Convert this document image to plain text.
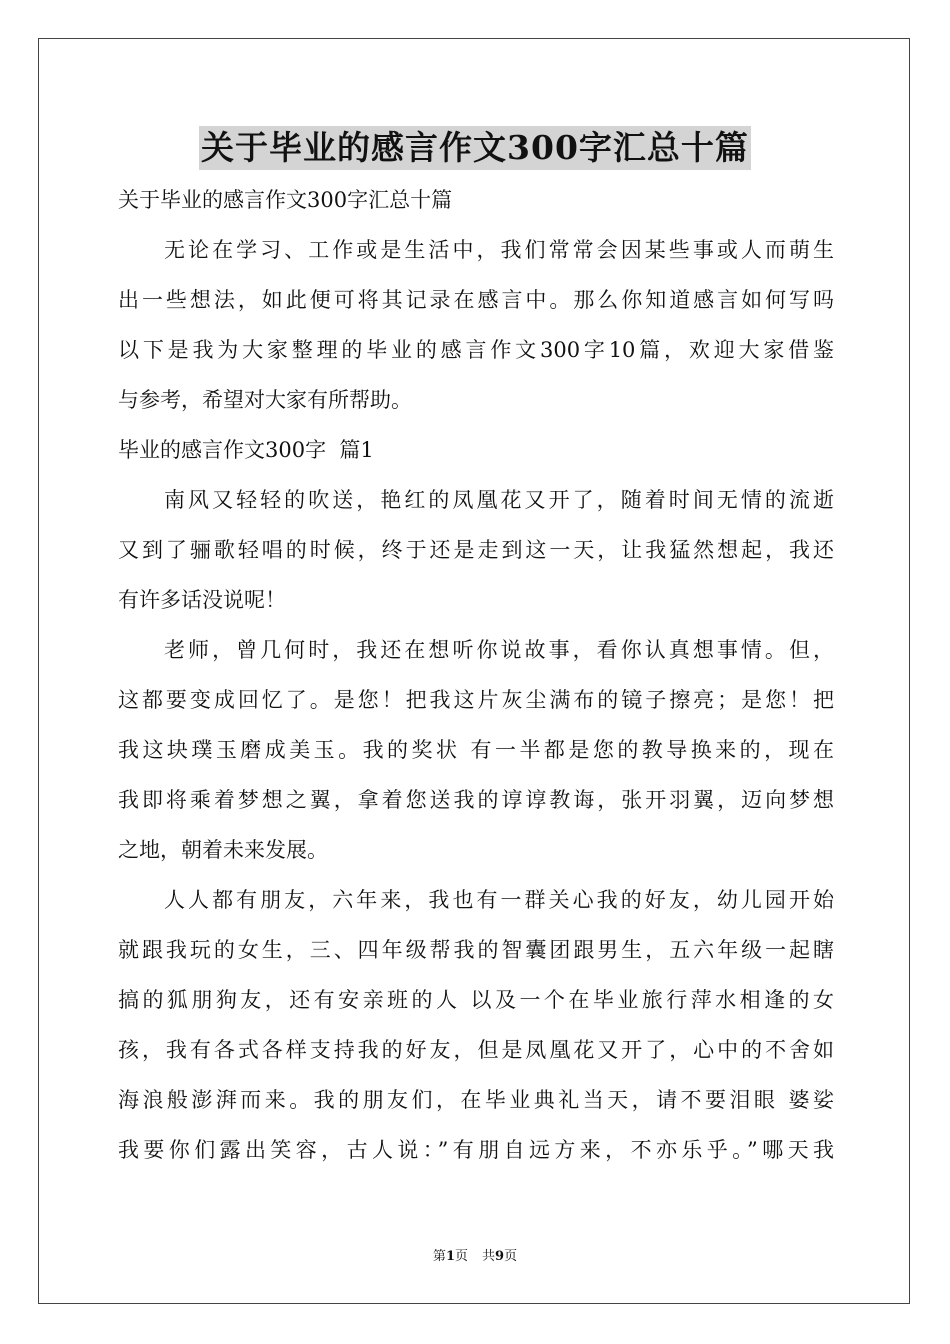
关于毕业的感言作文300字汇总十篇

关于毕业的感言作文300字汇总十篇

无论在学习、工作或是生活中，我们常常会因某些事或人而萌生

出一些想法，如此便可将其记录在感言中。那么你知道感言如何写吗

以下是我为大家整理的毕业的感言作文300字10篇，欢迎大家借鉴

与参考，希望对大家有所帮助。

毕业的感言作文300字  篇1

南风又轻轻的吹送，艳红的凤凰花又开了，随着时间无情的流逝

又到了骊歌轻唱的时候，终于还是走到这一天，让我猛然想起，我还

有许多话没说呢！

老师，曾几何时，我还在想听你说故事，看你认真想事情。但，

这都要变成回忆了。是您！把我这片灰尘满布的镜子擦亮；是您！把

我这块璞玉磨成美玉。我的奖状 有一半都是您的教导换来的，现在

我即将乘着梦想之翼，拿着您送我的谆谆教诲，张开羽翼，迈向梦想

之地，朝着未来发展。

人人都有朋友，六年来，我也有一群关心我的好友，幼儿园开始

就跟我玩的女生，三、四年级帮我的智囊团跟男生，五六年级一起瞎

搞的狐朋狗友，还有安亲班的人 以及一个在毕业旅行萍水相逢的女

孩，我有各式各样支持我的好友，但是凤凰花又开了，心中的不舍如

海浪般澎湃而来。我的朋友们，在毕业典礼当天，请不要泪眼 婆娑

我要你们露出笑容，古人说：”有朋自远方来，不亦乐乎。”哪天我

第1页 共9页
